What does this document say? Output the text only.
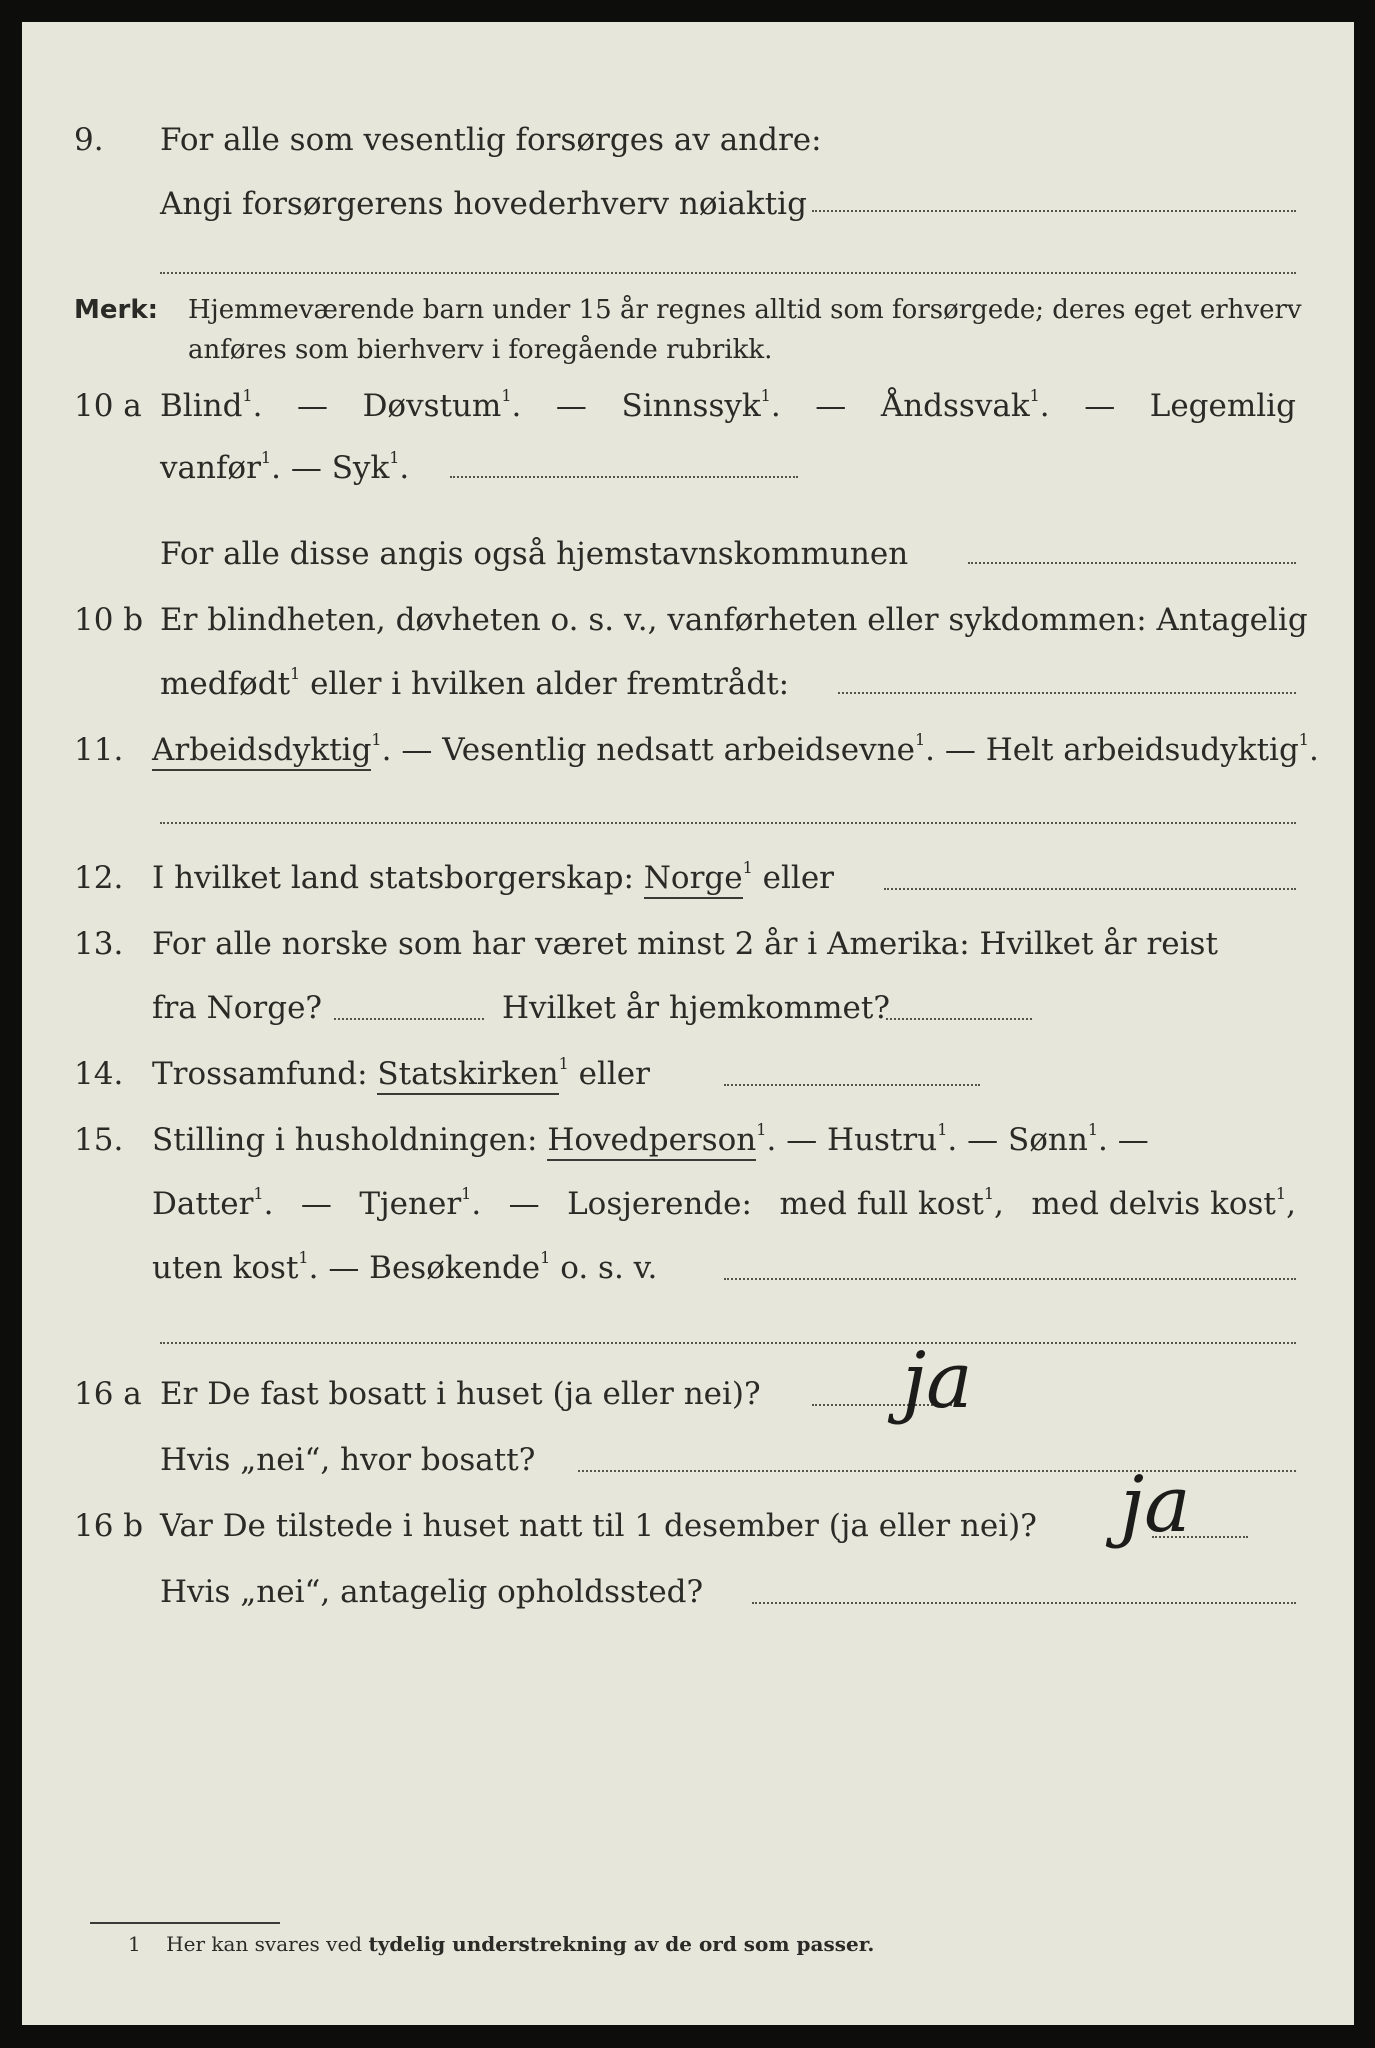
9. For alle som vesentlig forsørges av andre:
Angi forsørgerens hovederhverv nøiaktig
Merk: Hjemmeværende barn under 15 år regnes alltid som forsørgede; deres eget erhverv
anføres som bierhverv i foregående rubrikk.
10 a Blind$^1$. — Døvstum$^1$. — Sinnssyk$^1$. — Åndssvak$^1$. — Legemlig
vanfør$^1$. — Syk$^1$.
For alle disse angis også hjemstavnskommunen
10 b Er blindheten, døvheten o. s. v., vanførheten eller sykdommen: Antagelig
medfødt$^1$ eller i hvilken alder fremtrådt:
11. Arbeidsdyktig$^1$. — Vesentlig nedsatt arbeidsevne$^1$. — Helt arbeidsudyktig$^1$.
12. I hvilket land statsborgerskap: Norge$^1$ eller
13. For alle norske som har været minst 2 år i Amerika: Hvilket år reist
fra Norge?	Hvilket år hjemkommet?
14. Trossamfund: Statskirken$^1$ eller
15. Stilling i husholdningen: Hovedperson$^1$. — Hustru$^1$. — Sønn$^1$. —
Datter$^1$. — Tjener$^1$. — Losjerende: med full kost$^1$, med delvis kost$^1$,
uten kost$^1$. — Besøkende$^1$ o. s. v.
16 a Er De fast bosatt i huset (ja eller nei)? ja
Hvis „nei“, hvor bosatt?
16 b Var De tilstede i huset natt til 1 desember (ja eller nei)? ja
Hvis „nei“, antagelig opholdssted?
1 Her kan svares ved tydelig understrekning av de ord som passer.
